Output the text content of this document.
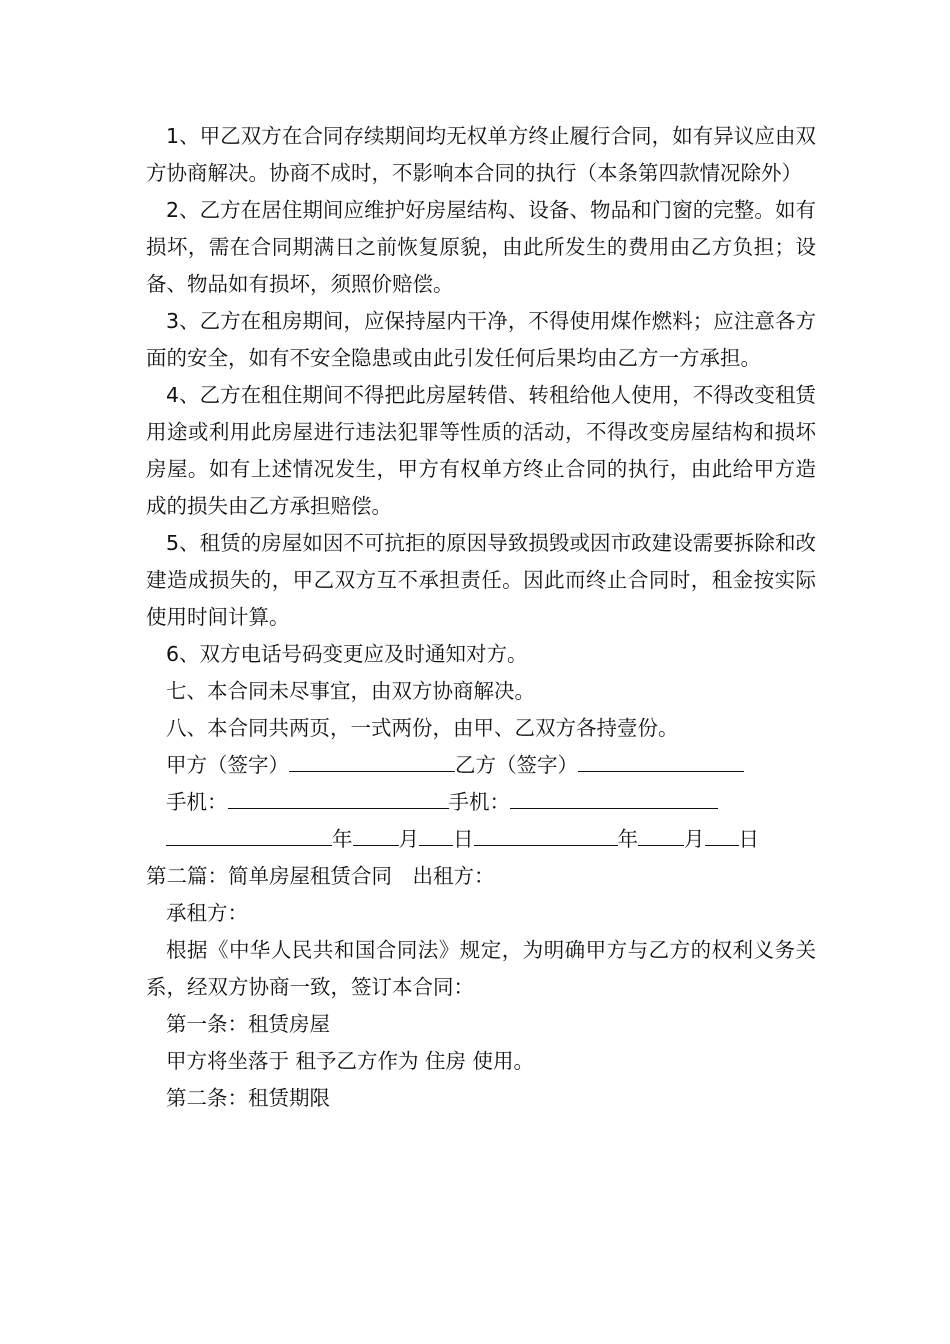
1、甲乙双方在合同存续期间均无权单方终止履行合同，如有异议应由双方协商解决。协商不成时，不影响本合同的执行（本条第四款情况除外）

2、乙方在居住期间应维护好房屋结构、设备、物品和门窗的完整。如有损坏，需在合同期满日之前恢复原貌，由此所发生的费用由乙方负担；设备、物品如有损坏，须照价赔偿。

3、乙方在租房期间，应保持屋内干净，不得使用煤作燃料；应注意各方面的安全，如有不安全隐患或由此引发任何后果均由乙方一方承担。

4、乙方在租住期间不得把此房屋转借、转租给他人使用，不得改变租赁用途或利用此房屋进行违法犯罪等性质的活动，不得改变房屋结构和损坏房屋。如有上述情况发生，甲方有权单方终止合同的执行，由此给甲方造成的损失由乙方承担赔偿。

5、租赁的房屋如因不可抗拒的原因导致损毁或因市政建设需要拆除和改建造成损失的，甲乙双方互不承担责任。因此而终止合同时，租金按实际使用时间计算。

6、双方电话号码变更应及时通知对方。

七、本合同未尽事宜，由双方协商解决。

八、本合同共两页，一式两份，由甲、乙双方各持壹份。

甲方（签字）	乙方（签字）
手机：	手机：
年 月 日	年 月 日

第二篇：简单房屋租赁合同　出租方：

承租方：

根据《中华人民共和国合同法》规定，为明确甲方与乙方的权利义务关系，经双方协商一致，签订本合同：

第一条：租赁房屋

甲方将坐落于 租予乙方作为 住房 使用。

第二条：租赁期限
